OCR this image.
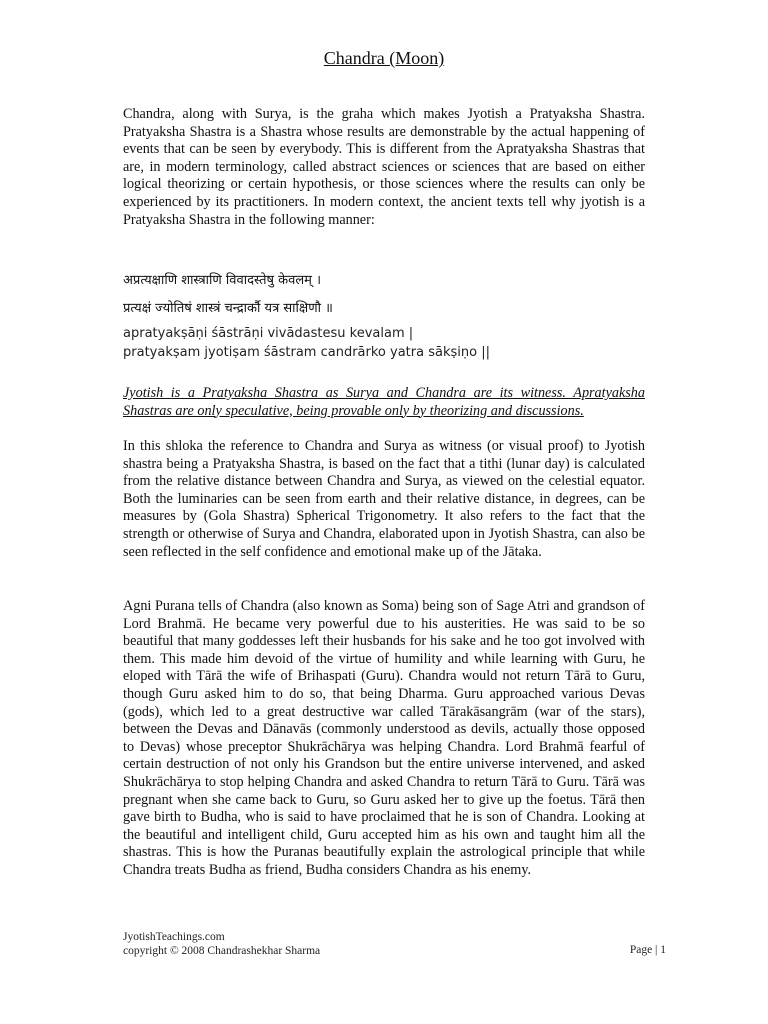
Chandra (Moon)

Chandra, along with Surya, is the graha which makes Jyotish a Pratyaksha Shastra. Pratyaksha Shastra is a Shastra whose results are demonstrable by the actual happening of events that can be seen by everybody. This is different from the Apratyaksha Shastras that are, in modern terminology, called abstract sciences or sciences that are based on either logical theorizing or certain hypothesis, or those sciences where the results can only be experienced by its practitioners. In modern context, the ancient texts tell why jyotish is a Pratyaksha Shastra in the following manner:

अप्रत्यक्षाणि शास्त्राणि विवादस्तेषु केवलम् ।

प्रत्यक्षं ज्योतिषं शास्त्रं चन्द्रार्कौ यत्र साक्षिणौ ॥

apratyakṣāṇi śāstrāṇi vivādastesu kevalam |

pratyakṣam jyotiṣam śāstram candrārko yatra sākṣiṇo ||

Jyotish is a Pratyaksha Shastra as Surya and Chandra are its witness. Apratyaksha Shastras are only speculative, being provable only by theorizing and discussions.

In this shloka the reference to Chandra and Surya as witness (or visual proof) to Jyotish shastra being a Pratyaksha Shastra, is based on the fact that a tithi (lunar day) is calculated from the relative distance between Chandra and Surya, as viewed on the celestial equator. Both the luminaries can be seen from earth and their relative distance, in degrees, can be measures by (Gola Shastra) Spherical Trigonometry. It also refers to the fact that the strength or otherwise of Surya and Chandra, elaborated upon in Jyotish Shastra, can also be seen reflected in the self confidence and emotional make up of the Jātaka.

Agni Purana tells of Chandra (also known as Soma) being son of Sage Atri and grandson of Lord Brahmā. He became very powerful due to his austerities. He was said to be so beautiful that many goddesses left their husbands for his sake and he too got involved with them. This made him devoid of the virtue of humility and while learning with Guru, he eloped with Tārā the wife of Brihaspati (Guru). Chandra would not return Tārā to Guru, though Guru asked him to do so, that being Dharma. Guru approached various Devas (gods), which led to a great destructive war called Tārakāsangrām (war of the stars), between the Devas and Dānavās (commonly understood as devils, actually those opposed to Devas) whose preceptor Shukrāchārya was helping Chandra. Lord Brahmā fearful of certain destruction of not only his Grandson but the entire universe intervened, and asked Shukrāchārya to stop helping Chandra and asked Chandra to return Tārā to Guru. Tārā was pregnant when she came back to Guru, so Guru asked her to give up the foetus. Tārā then gave birth to Budha, who is said to have proclaimed that he is son of Chandra. Looking at the beautiful and intelligent child, Guru accepted him as his own and taught him all the shastras. This is how the Puranas beautifully explain the astrological principle that while Chandra treats Budha as friend, Budha considers Chandra as his enemy.

JyotishTeachings.com
copyright © 2008 Chandrashekhar Sharma	Page | 1
